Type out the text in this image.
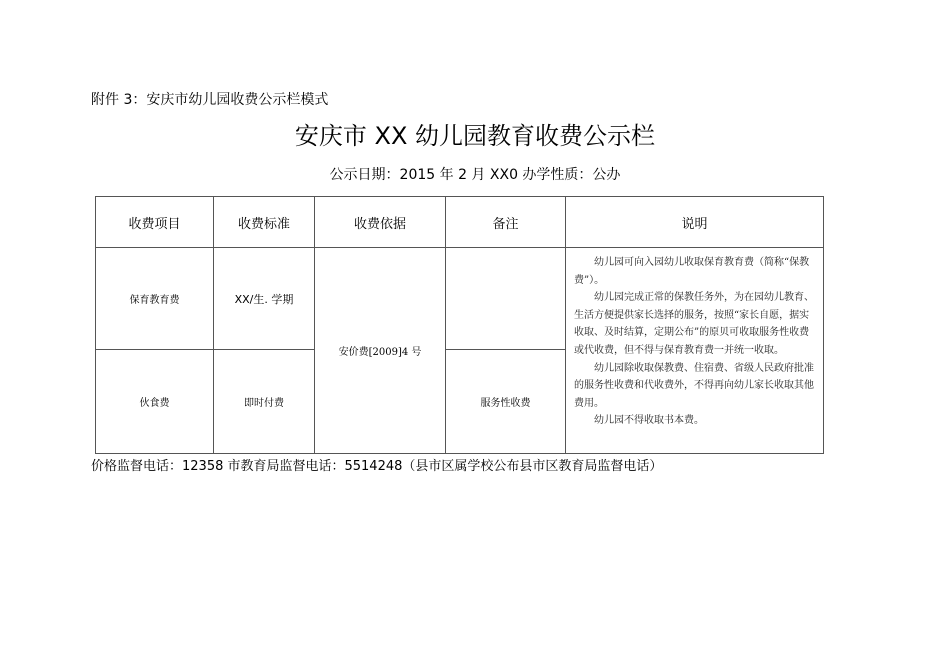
附件 3：安庆市幼儿园收费公示栏模式
安庆市 XX 幼儿园教育收费公示栏
公示日期：2015 年 2 月 XX0 办学性质：公办
收费项目	收费标准	收费依据	备注	说明
保育教育费	XX/生. 学期	安价费[2009]4 号		幼儿园可向入园幼儿收取保育教育费（简称“保教费”）。

幼儿园完成正常的保教任务外，为在园幼儿教育、生活方便提供家长选择的服务，按照“家长自愿，据实收取、及时结算，定期公布”的原贝可收取服务性收费或代收费，但不得与保育教育费一并统一收取。

幼儿园除收取保教费、住宿费、省级人民政府批准的服务性收费和代收费外，不得再向幼儿家长收取其他费用。

幼儿园不得收取书本费。

伙食费	即时付费		服务性收费	
价格监督电话：12358 市教育局监督电话：5514248（县市区属学校公布县市区教育局监督电话）
